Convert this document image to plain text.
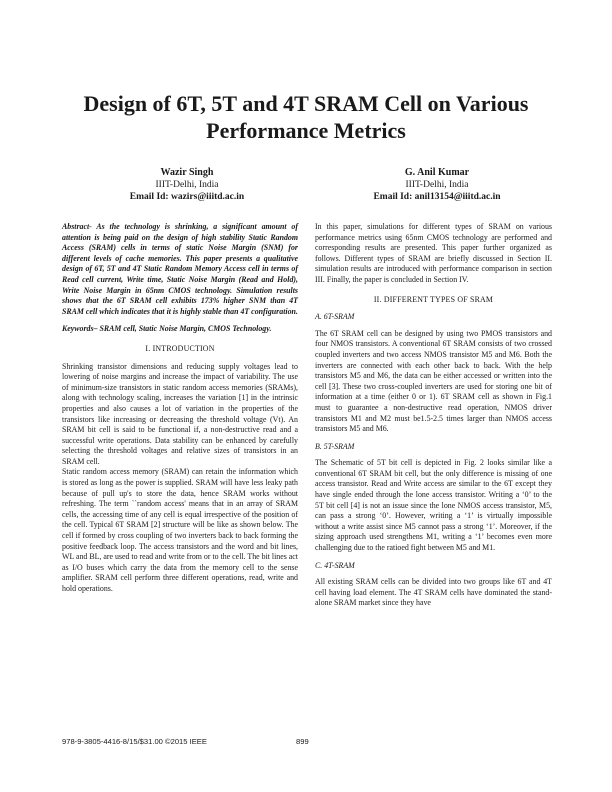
Design of 6T, 5T and 4T SRAM Cell on Various Performance Metrics
Wazir Singh
IIIT-Delhi, India
Email Id: wazirs@iiitd.ac.in
G. Anil Kumar
IIIT-Delhi, India
Email Id: anil13154@iiitd.ac.in

Abstract- As the technology is shrinking, a significant amount of attention is being paid on the design of high stability Static Random Access (SRAM) cells in terms of static Noise Margin (SNM) for different levels of cache memories. This paper presents a qualitative design of 6T, 5T and 4T Static Random Memory Access cell in terms of Read cell current, Write time, Static Noise Margin (Read and Hold), Write Noise Margin in 65nm CMOS technology. Simulation results shows that the 6T SRAM cell exhibits 173% higher SNM than 4T SRAM cell which indicates that it is highly stable than 4T configuration.

Keywords– SRAM cell, Static Noise Margin, CMOS Technology.

I. INTRODUCTION

Shrinking transistor dimensions and reducing supply voltages lead to lowering of noise margins and increase the impact of variability. The use of minimum-size transistors in static random access memories (SRAMs), along with technology scaling, increases the variation [1] in the intrinsic properties and also causes a lot of variation in the properties of the transistors like increasing or decreasing the threshold voltage (Vt). An SRAM bit cell is said to be functional if, a non-destructive read and a successful write operations. Data stability can be enhanced by carefully selecting the threshold voltages and relative sizes of transistors in an SRAM cell.

Static random access memory (SRAM) can retain the information which is stored as long as the power is supplied. SRAM will have less leaky path because of pull up's to store the data, hence SRAM works without refreshing. The term ``random access' means that in an array of SRAM cells, the accessing time of any cell is equal irrespective of the position of the cell. Typical 6T SRAM [2] structure will be like as shown below. The cell if formed by cross coupling of two inverters back to back forming the positive feedback loop. The access transistors and the word and bit lines, WL and BL, are used to read and write from or to the cell. The bit lines act as I/O buses which carry the data from the memory cell to the sense amplifier. SRAM cell perform three different operations, read, write and hold operations.

In this paper, simulations for different types of SRAM on various performance metrics using 65nm CMOS technology are performed and corresponding results are presented. This paper further organized as follows. Different types of SRAM are briefly discussed in Section II. simulation results are introduced with performance comparison in section III. Finally, the paper is concluded in Section IV.

II. DIFFERENT TYPES OF SRAM
A. 6T-SRAM

The 6T SRAM cell can be designed by using two PMOS transistors and four NMOS transistors. A conventional 6T SRAM consists of two crossed coupled inverters and two access NMOS transistor M5 and M6. Both the inverters are connected with each other back to back. With the help transistors M5 and M6, the data can be either accessed or written into the cell [3]. These two cross-coupled inverters are used for storing one bit of information at a time (either 0 or 1). 6T SRAM cell as shown in Fig.1 must to guarantee a non-destructive read operation, NMOS driver transistors M1 and M2 must be1.5-2.5 times larger than NMOS access transistors M5 and M6.

B. 5T-SRAM

The Schematic of 5T bit cell is depicted in Fig. 2 looks similar like a conventional 6T SRAM bit cell, but the only difference is missing of one access transistor. Read and Write access are similar to the 6T except they have single ended through the lone access transistor. Writing a ‘0’ to the 5T bit cell [4] is not an issue since the lone NMOS access transistor, M5, can pass a strong ‘0’. However, writing a ‘1’ is virtually impossible without a write assist since M5 cannot pass a strong ‘1’. Moreover, if the sizing approach used strengthens M1, writing a ‘1’ becomes even more challenging due to the ratioed fight between M5 and M1.

C. 4T-SRAM

All existing SRAM cells can be divided into two groups like 6T and 4T cell having load element. The 4T SRAM cells have dominated the stand-alone SRAM market since they have

978-9-3805-4416-8/15/$31.00 ©2015 IEEE	899
